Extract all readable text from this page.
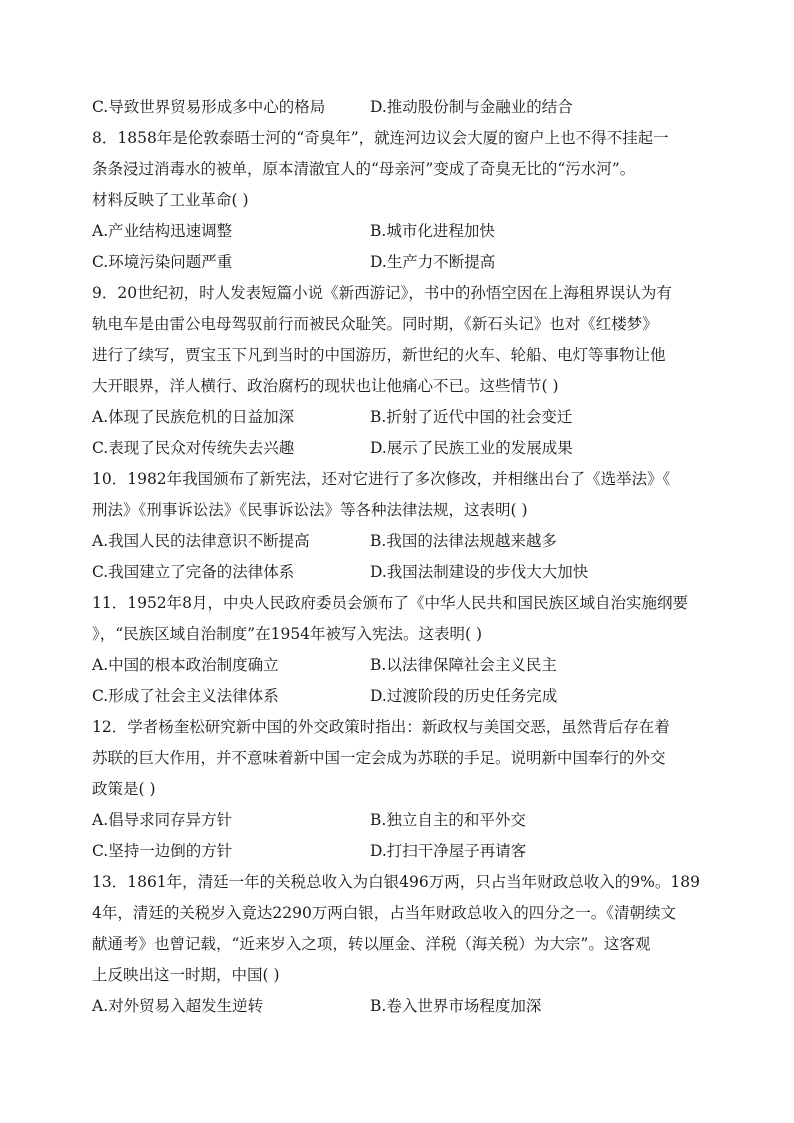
C.导致世界贸易形成多中心的格局	D.推动股份制与金融业的结合
8．1858年是伦敦泰晤士河的“奇臭年”，就连河边议会大厦的窗户上也不得不挂起一
条条浸过消毒水的被单，原本清澈宜人的“母亲河”变成了奇臭无比的“污水河”。
材料反映了工业革命( )
A.产业结构迅速调整	B.城市化进程加快
C.环境污染问题严重	D.生产力不断提高
9．20世纪初，时人发表短篇小说《新西游记》，书中的孙悟空因在上海租界误认为有
轨电车是由雷公电母驾驭前行而被民众耻笑。同时期，《新石头记》也对《红楼梦》
进行了续写，贾宝玉下凡到当时的中国游历，新世纪的火车、轮船、电灯等事物让他
大开眼界，洋人横行、政治腐朽的现状也让他痛心不已。这些情节( )
A.体现了民族危机的日益加深	B.折射了近代中国的社会变迁
C.表现了民众对传统失去兴趣	D.展示了民族工业的发展成果
10．1982年我国颁布了新宪法，还对它进行了多次修改，并相继出台了《选举法》《
刑法》《刑事诉讼法》《民事诉讼法》等各种法律法规，这表明( )
A.我国人民的法律意识不断提高	B.我国的法律法规越来越多
C.我国建立了完备的法律体系	D.我国法制建设的步伐大大加快
11．1952年8月，中央人民政府委员会颁布了《中华人民共和国民族区域自治实施纲要
》，“民族区域自治制度”在1954年被写入宪法。这表明( )
A.中国的根本政治制度确立	B.以法律保障社会主义民主
C.形成了社会主义法律体系	D.过渡阶段的历史任务完成
12．学者杨奎松研究新中国的外交政策时指出：新政权与美国交恶，虽然背后存在着
苏联的巨大作用，并不意味着新中国一定会成为苏联的手足。说明新中国奉行的外交
政策是( )
A.倡导求同存异方针	B.独立自主的和平外交
C.坚持一边倒的方针	D.打扫干净屋子再请客
13．1861年，清廷一年的关税总收入为白银496万两，只占当年财政总收入的9%。189
4年，清廷的关税岁入竟达2290万两白银，占当年财政总收入的四分之一。《清朝续文
献通考》也曾记载，“近来岁入之项，转以厘金、洋税（海关税）为大宗”。这客观
上反映出这一时期，中国( )
A.对外贸易入超发生逆转	B.卷入世界市场程度加深
